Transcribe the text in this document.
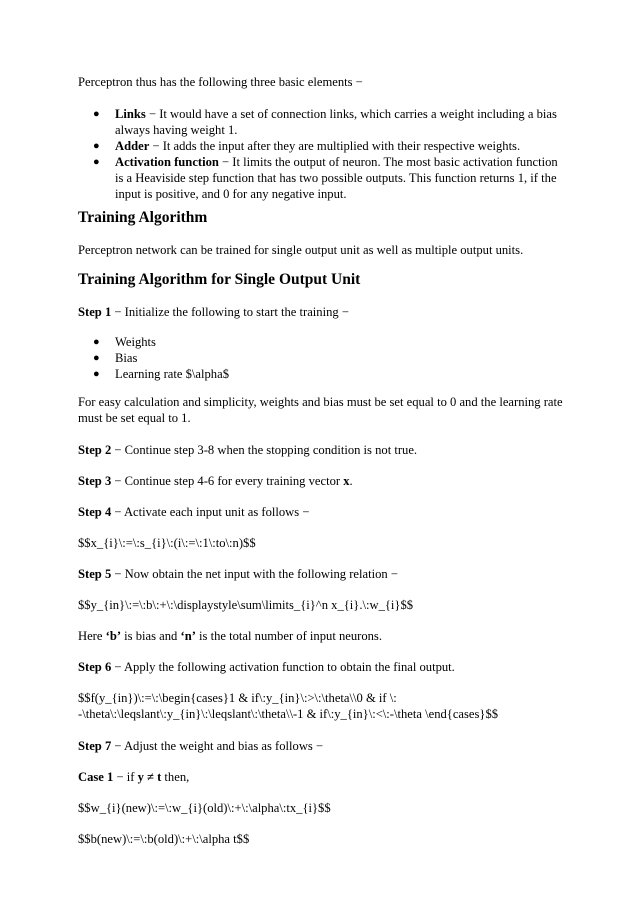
Perceptron thus has the following three basic elements −

● Links − It would have a set of connection links, which carries a weight including a bias always having weight 1.
● Adder − It adds the input after they are multiplied with their respective weights.
● Activation function − It limits the output of neuron. The most basic activation function is a Heaviside step function that has two possible outputs. This function returns 1, if the input is positive, and 0 for any negative input.
Training Algorithm

Perceptron network can be trained for single output unit as well as multiple output units.

Training Algorithm for Single Output Unit

Step 1 − Initialize the following to start the training −

● Weights
● Bias
● Learning rate $\alpha$

For easy calculation and simplicity, weights and bias must be set equal to 0 and the learning rate must be set equal to 1.

Step 2 − Continue step 3-8 when the stopping condition is not true.

Step 3 − Continue step 4-6 for every training vector x.

Step 4 − Activate each input unit as follows −

$$x_{i}\:=\:s_{i}\:(i\:=\:1\:to\:n)$$

Step 5 − Now obtain the net input with the following relation −

$$y_{in}\:=\:b\:+\:\displaystyle\sum\limits_{i}^n x_{i}.\:w_{i}$$

Here ‘b’ is bias and ‘n’ is the total number of input neurons.

Step 6 − Apply the following activation function to obtain the final output.

$$f(y_{in})\:=\:\begin{cases}1 & if\:y_{in}\:>\:\theta\\0 & if \:

-\theta\:\leqslant\:y_{in}\:\leqslant\:\theta\\-1 & if\:y_{in}\:<\:-\theta \end{cases}$$

Step 7 − Adjust the weight and bias as follows −

Case 1 − if y ≠ t then,

$$w_{i}(new)\:=\:w_{i}(old)\:+\:\alpha\:tx_{i}$$

$$b(new)\:=\:b(old)\:+\:\alpha t$$
